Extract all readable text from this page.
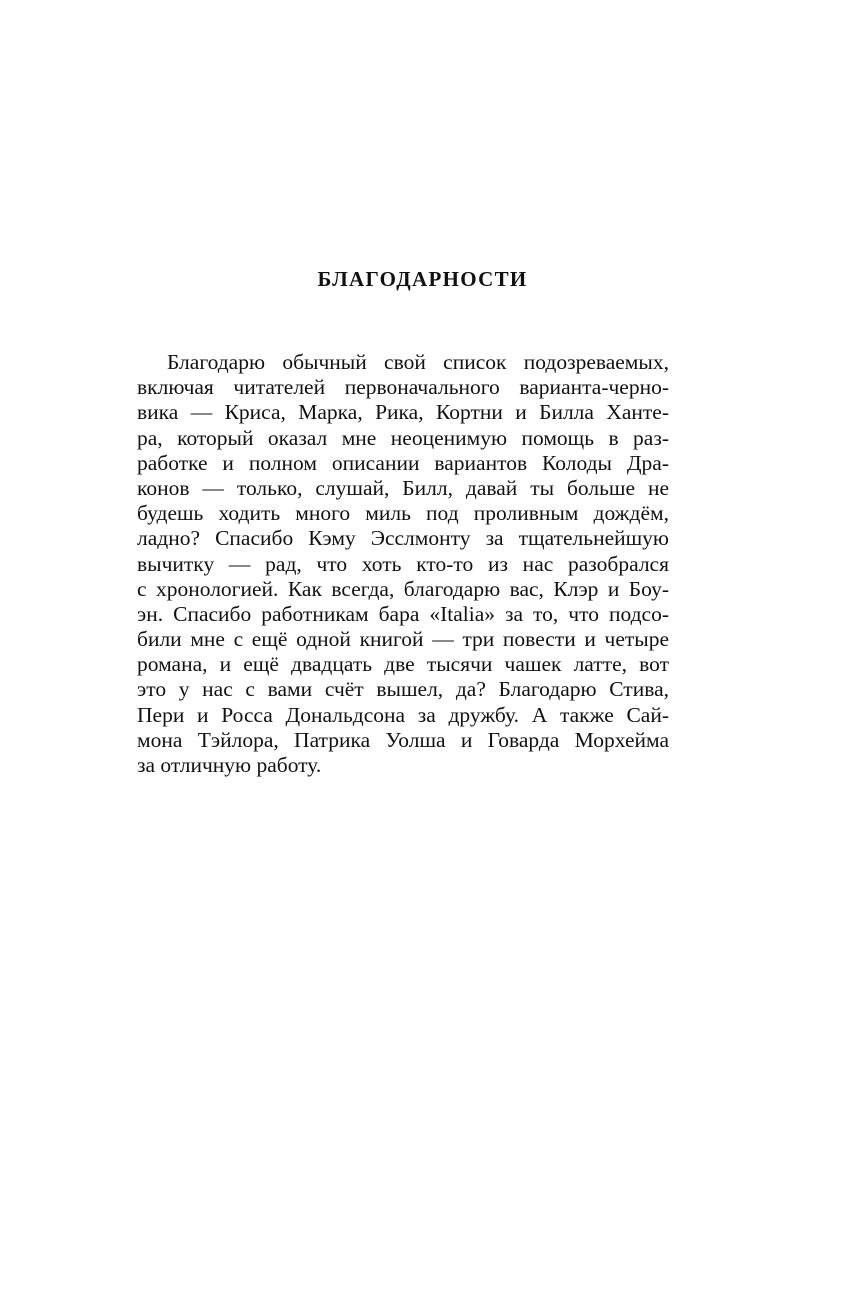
БЛАГОДАРНОСТИ
Благодарю обычный свой список подозреваемых,
включая читателей первоначального варианта-черно-
вика — Криса, Марка, Рика, Кортни и Билла Хантe-
ра, который оказал мне неоценимую помощь в раз-
работке и полном описании вариантов Колоды Дра-
конов — только, слушай, Билл, давай ты больше не
будешь ходить много миль под проливным дождём,
ладно? Спасибо Кэму Эсслмонту за тщательнейшую
вычитку — рад, что хоть кто-то из нас разобрался
с хронологией. Как всегда, благодарю вас, Клэр и Боу-
эн. Спасибо работникам бара «Italia» за то, что подсо-
били мне с ещё одной книгой — три повести и четыре
романа, и ещё двадцать две тысячи чашек латте, вот
это у нас с вами счёт вышел, да? Благодарю Стива,
Пери и Росса Дональдсона за дружбу. А также Сай-
мона Тэйлора, Патрика Уолша и Говарда Морхейма
за отличную работу.
